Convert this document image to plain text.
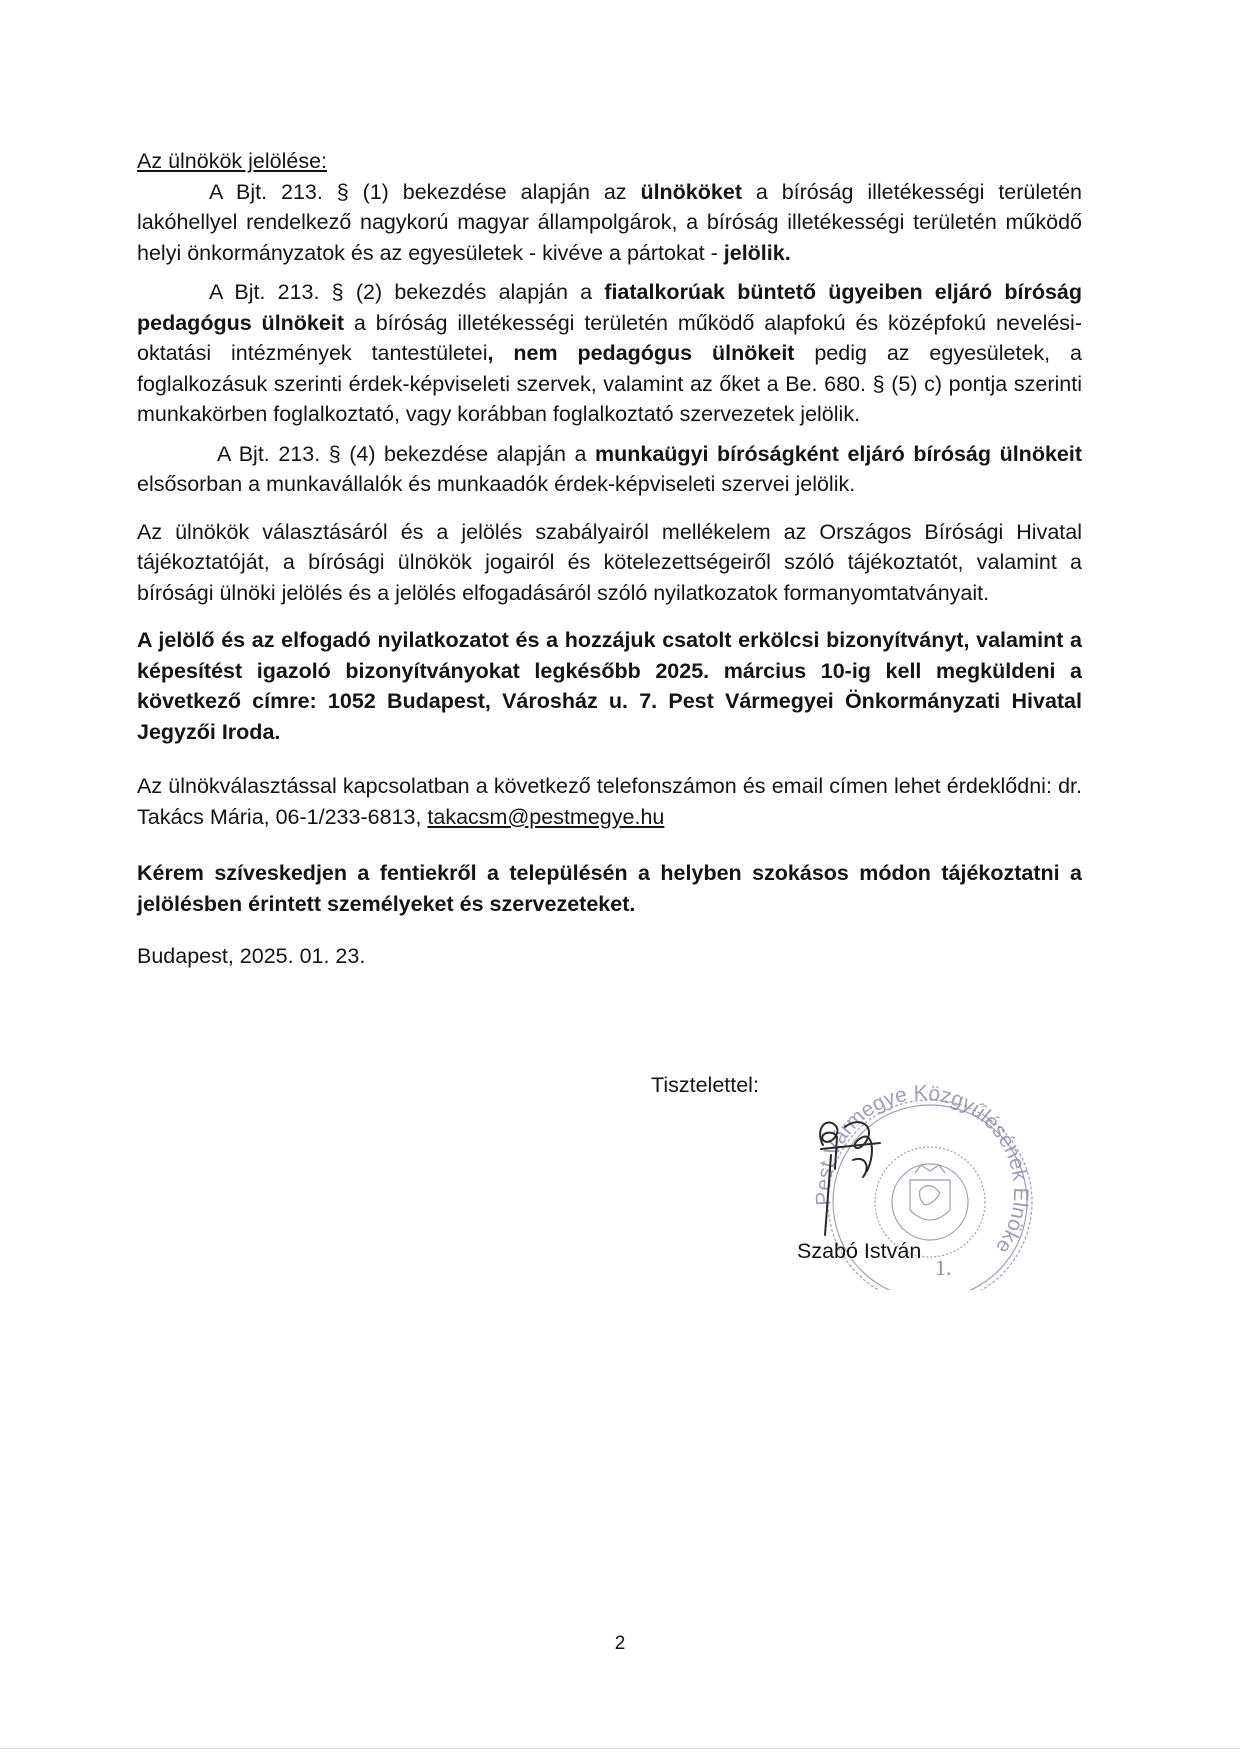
Az ülnökök jelölése:

A Bjt. 213. § (1) bekezdése alapján az ülnököket a bíróság illetékességi területén lakóhellyel rendelkező nagykorú magyar állampolgárok, a bíróság illetékességi területén működő helyi önkormányzatok és az egyesületek - kivéve a pártokat - jelölik.

A Bjt. 213. § (2) bekezdés alapján a fiatalkorúak büntető ügyeiben eljáró bíróság pedagógus ülnökeit a bíróság illetékességi területén működő alapfokú és középfokú nevelési-oktatási intézmények tantestületei, nem pedagógus ülnökeit pedig az egyesületek, a foglalkozásuk szerinti érdek-képviseleti szervek, valamint az őket a Be. 680. § (5) c) pontja szerinti munkakörben foglalkoztató, vagy korábban foglalkoztató szervezetek jelölik.

A Bjt. 213. § (4) bekezdése alapján a munkaügyi bíróságként eljáró bíróság ülnökeit elsősorban a munkavállalók és munkaadók érdek-képviseleti szervei jelölik.

Az ülnökök választásáról és a jelölés szabályairól mellékelem az Országos Bírósági Hivatal tájékoztatóját, a bírósági ülnökök jogairól és kötelezettségeiről szóló tájékoztatót, valamint a bírósági ülnöki jelölés és a jelölés elfogadásáról szóló nyilatkozatok formanyomtatványait.

A jelölő és az elfogadó nyilatkozatot és a hozzájuk csatolt erkölcsi bizonyítványt, valamint a képesítést igazoló bizonyítványokat legkésőbb 2025. március 10-ig kell megküldeni a következő címre: 1052 Budapest, Városház u. 7. Pest Vármegyei Önkormányzati Hivatal Jegyzői Iroda.

Az ülnökválasztással kapcsolatban a következő telefonszámon és email címen lehet érdeklődni: dr. Takács Mária, 06-1/233-6813, takacsm@pestmegye.hu

Kérem szíveskedjen a fentiekről a településén a helyben szokásos módon tájékoztatni a jelölésben érintett személyeket és szervezeteket.

Budapest, 2025. 01. 23.
Tisztelettel:
Pest Vármegye Közgyűlésének Elnöke
1.
Szabó István
2
